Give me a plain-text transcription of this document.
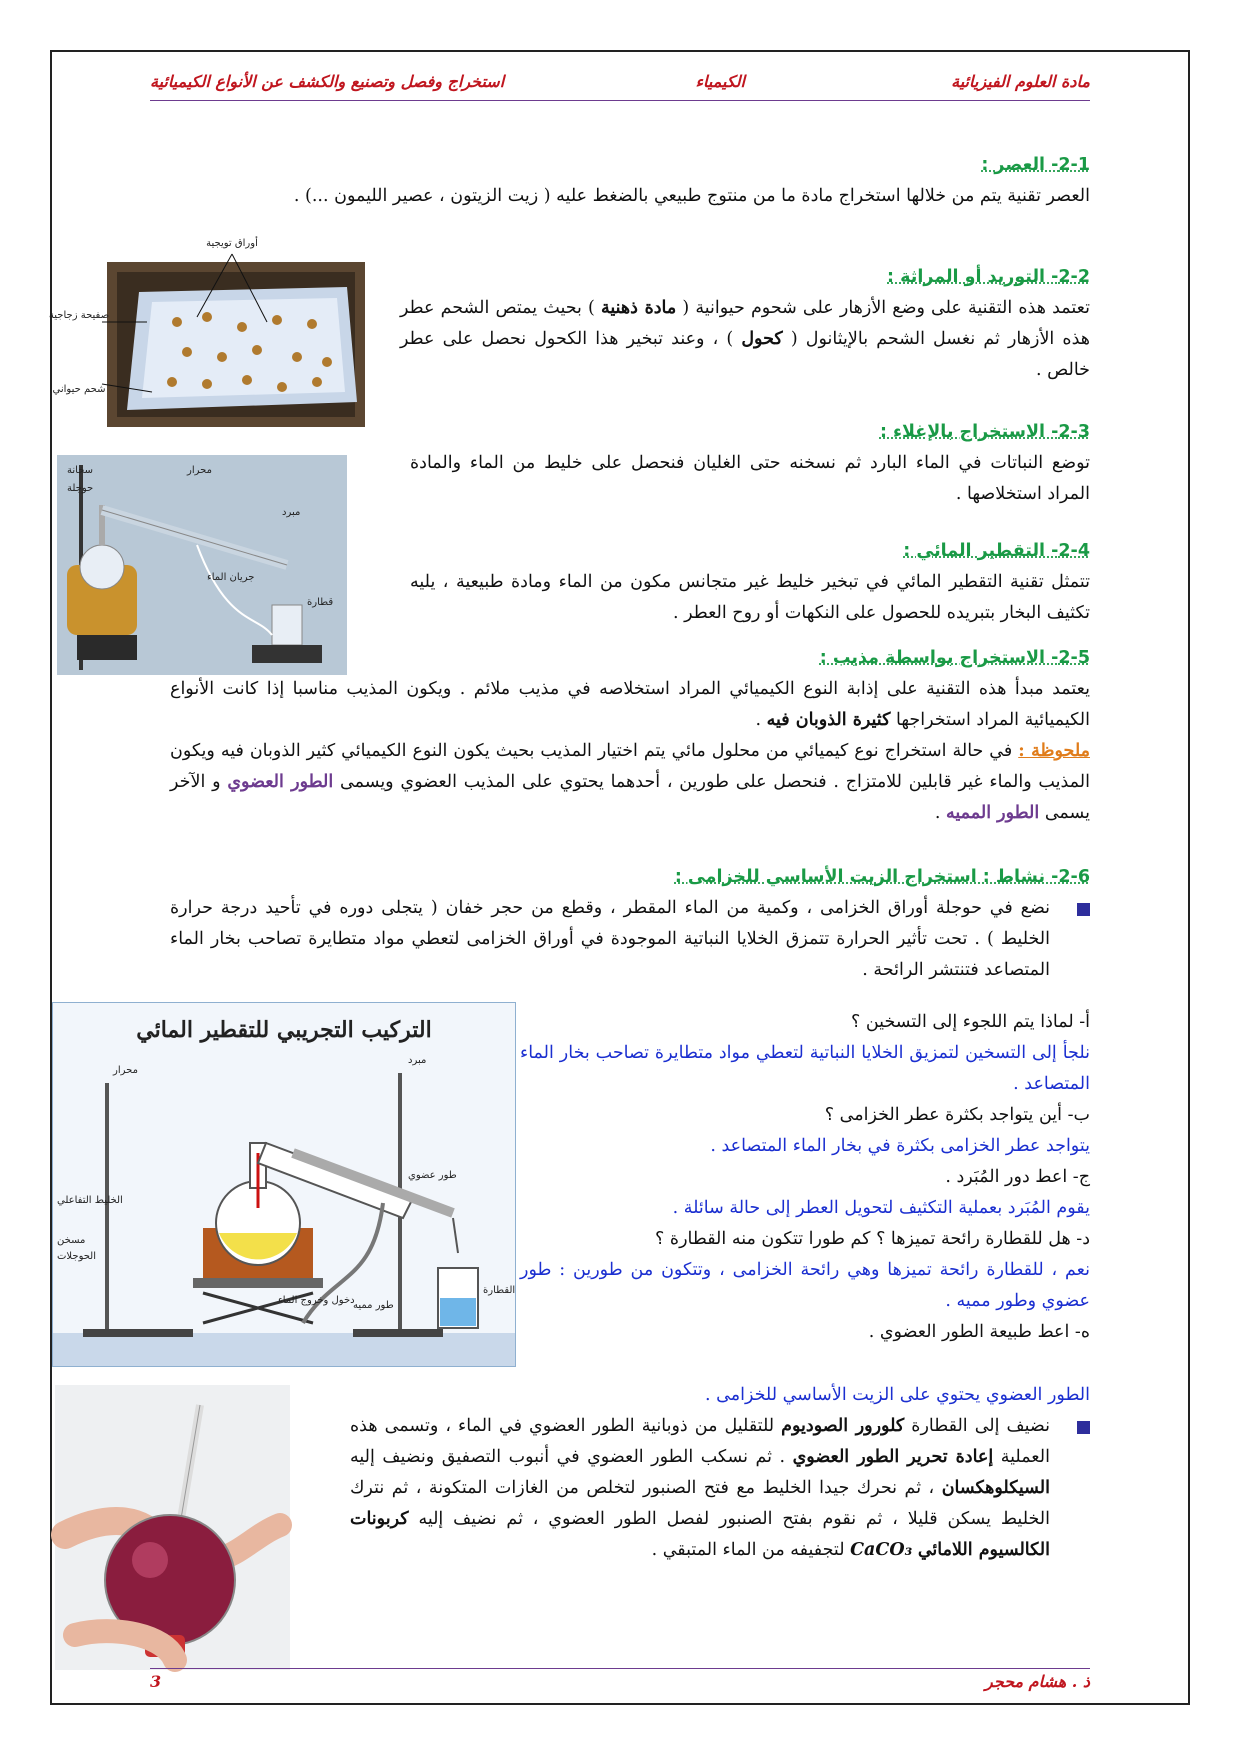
مادة العلوم الفيزيائية
الكيمياء
استخراج وفصل وتصنيع والكشف عن الأنواع الكيميائية
2-1- العصر :
العصر تقنية يتم من خلالها استخراج مادة ما من منتوج طبيعي بالضغط عليه ( زيت الزيتون ، عصير الليمون ...) .
أوراق تويجية
صفيحة زجاجية
شحم حيواني
2-2- التوريد أو المراثة :
تعتمد هذه التقنية على وضع الأزهار على شحوم حيوانية ( مادة ذهنية ) بحيث يمتص الشحم عطر هذه الأزهار ثم نغسل الشحم بالإيثانول ( كحول ) ، وعند تبخير هذا الكحول نحصل على عطر خالص .
محرار
سخانة
حوجلة
مبرد
جريان الماء
قطارة
2-3- الاستخراج بالإغلاء :
توضع النباتات في الماء البارد ثم نسخنه حتى الغليان فنحصل على خليط من الماء والمادة المراد استخلاصها .
2-4- التقطير المائي :
تتمثل تقنية التقطير المائي في تبخير خليط غير متجانس مكون من الماء ومادة طبيعية ، يليه تكثيف البخار بتبريده للحصول على النكهات أو روح العطر .
2-5- الاستخراج بواسطة مذيب :
يعتمد مبدأ هذه التقنية على إذابة النوع الكيميائي المراد استخلاصه في مذيب ملائم . ويكون المذيب مناسبا إذا كانت الأنواع الكيميائية المراد استخراجها كثيرة الذوبان فيه .
ملحوظة : في حالة استخراج نوع كيميائي من محلول مائي يتم اختيار المذيب بحيث يكون النوع الكيميائي كثير الذوبان فيه ويكون المذيب والماء غير قابلين للامتزاج . فنحصل على طورين ، أحدهما يحتوي على المذيب العضوي ويسمى الطور العضوي و الآخر يسمى الطور المميه .
2-6- نشاط : استخراج الزيت الأساسي للخزامى :
نضع في حوجلة أوراق الخزامى ، وكمية من الماء المقطر ، وقطع من حجر خفان ( يتجلى دوره في تأحيد درجة حرارة الخليط ) . تحت تأثير الحرارة تتمزق الخلايا النباتية الموجودة في أوراق الخزامى لتعطي مواد متطايرة تصاحب بخار الماء المتصاعد فتنتشر الرائحة .
التركيب التجريبي للتقطير المائي
محرار
مبرد
طور عضوي
الخليط التفاعلي
مسخن
الحوجلات
دخول وخروج الماء
طور مميه
القطارة
أ- لماذا يتم اللجوء إلى التسخين ؟
نلجأ إلى التسخين لتمزيق الخلايا النباتية لتعطي مواد متطايرة تصاحب بخار الماء المتصاعد .
ب- أين يتواجد بكثرة عطر الخزامى ؟
يتواجد عطر الخزامى بكثرة في بخار الماء المتصاعد .
ج- اعط دور المُبَرد .
يقوم المُبَرد بعملية التكثيف لتحويل العطر إلى حالة سائلة .
د- هل للقطارة رائحة تميزها ؟ كم طورا تتكون منه القطارة ؟
نعم ، للقطارة رائحة تميزها وهي رائحة الخزامى ، وتتكون من طورين : طور عضوي وطور مميه .
ه- اعط طبيعة الطور العضوي .
الطور العضوي يحتوي على الزيت الأساسي للخزامى .
نضيف إلى القطارة كلورور الصوديوم للتقليل من ذوبانية الطور العضوي في الماء ، وتسمى هذه العملية إعادة تحرير الطور العضوي . ثم نسكب الطور العضوي في أنبوب التصفيق ونضيف إليه السيكلوهكسان ، ثم نحرك جيدا الخليط مع فتح الصنبور لتخلص من الغازات المتكونة ، ثم نترك الخليط يسكن قليلا ، ثم نقوم بفتح الصنبور لفصل الطور العضوي ، ثم نضيف إليه كربونات الكالسيوم اللامائي CaCO₃ لتجفيفه من الماء المتبقي .
ذ . هشام محجر
3
